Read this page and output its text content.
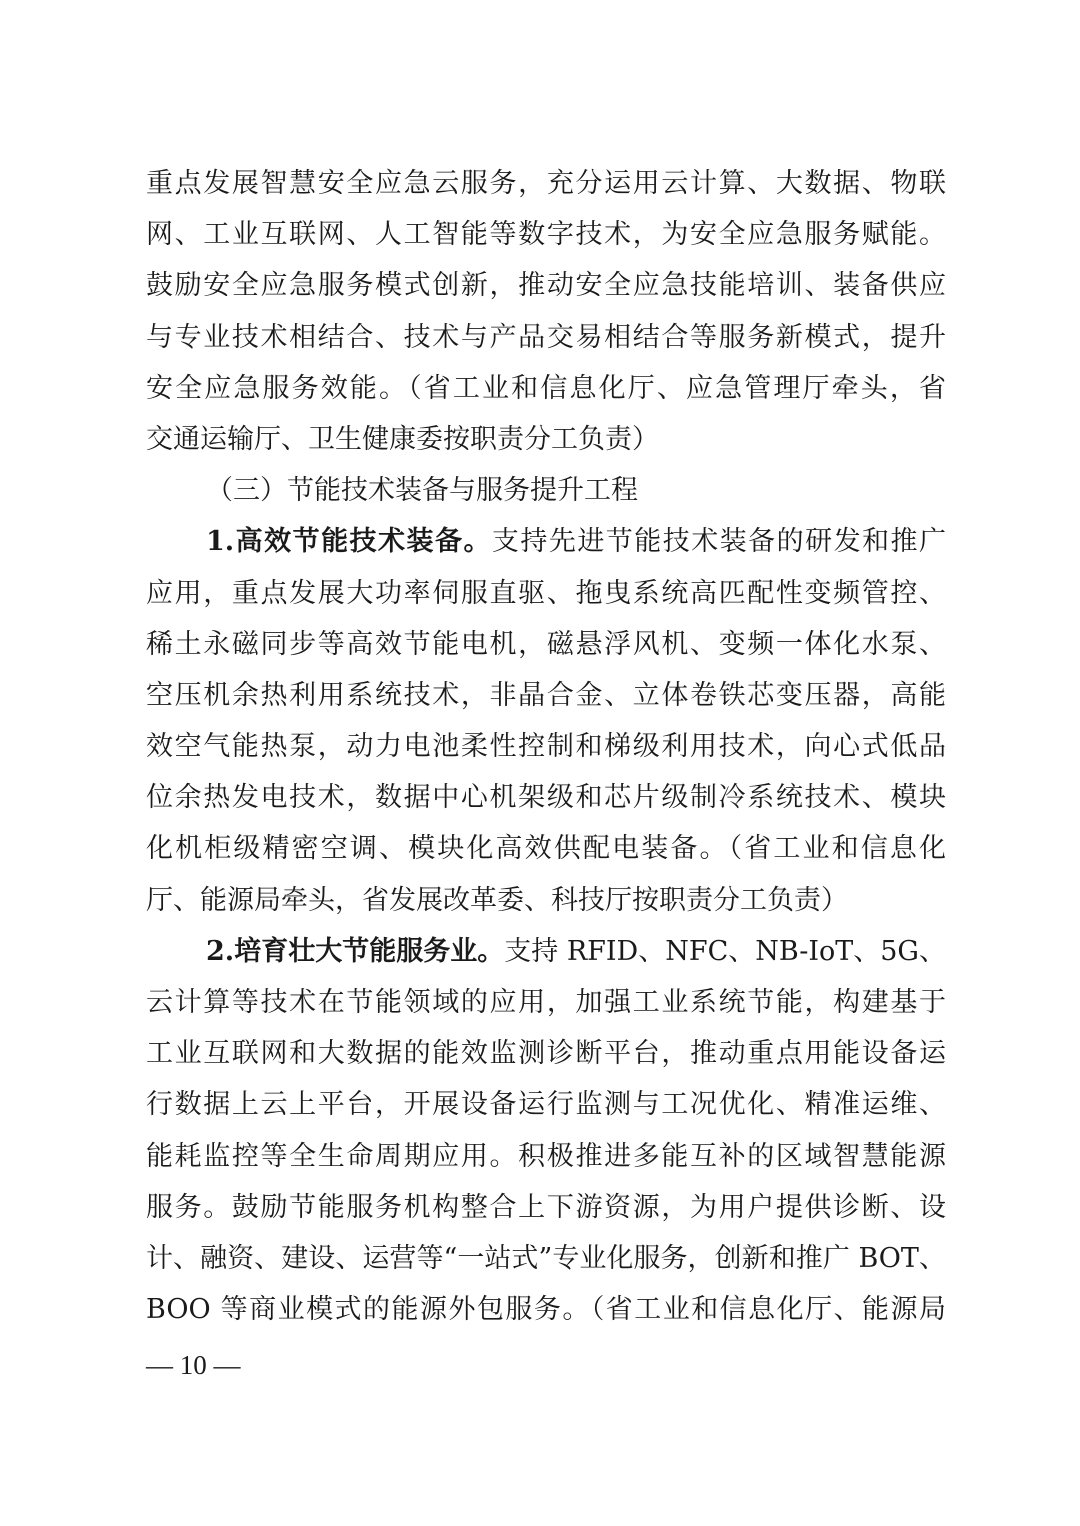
重点发展智慧安全应急云服务，充分运用云计算、大数据、物联
网、工业互联网、人工智能等数字技术，为安全应急服务赋能。
鼓励安全应急服务模式创新，推动安全应急技能培训、装备供应
与专业技术相结合、技术与产品交易相结合等服务新模式，提升
安全应急服务效能。（省工业和信息化厅、应急管理厅牵头，省
交通运输厅、卫生健康委按职责分工负责）
（三）节能技术装备与服务提升工程
1.高效节能技术装备。支持先进节能技术装备的研发和推广
应用，重点发展大功率伺服直驱、拖曳系统高匹配性变频管控、
稀土永磁同步等高效节能电机，磁悬浮风机、变频一体化水泵、
空压机余热利用系统技术，非晶合金、立体卷铁芯变压器，高能
效空气能热泵，动力电池柔性控制和梯级利用技术，向心式低品
位余热发电技术，数据中心机架级和芯片级制冷系统技术、模块
化机柜级精密空调、模块化高效供配电装备。（省工业和信息化
厅、能源局牵头，省发展改革委、科技厅按职责分工负责）
2.培育壮大节能服务业。支持 RFID、NFC、NB-IoT、5G、
云计算等技术在节能领域的应用，加强工业系统节能，构建基于
工业互联网和大数据的能效监测诊断平台，推动重点用能设备运
行数据上云上平台，开展设备运行监测与工况优化、精准运维、
能耗监控等全生命周期应用。积极推进多能互补的区域智慧能源
服务。鼓励节能服务机构整合上下游资源，为用户提供诊断、设
计、融资、建设、运营等“一站式”专业化服务，创新和推广 BOT、
BOO 等商业模式的能源外包服务。（省工业和信息化厅、能源局
— 10 —
